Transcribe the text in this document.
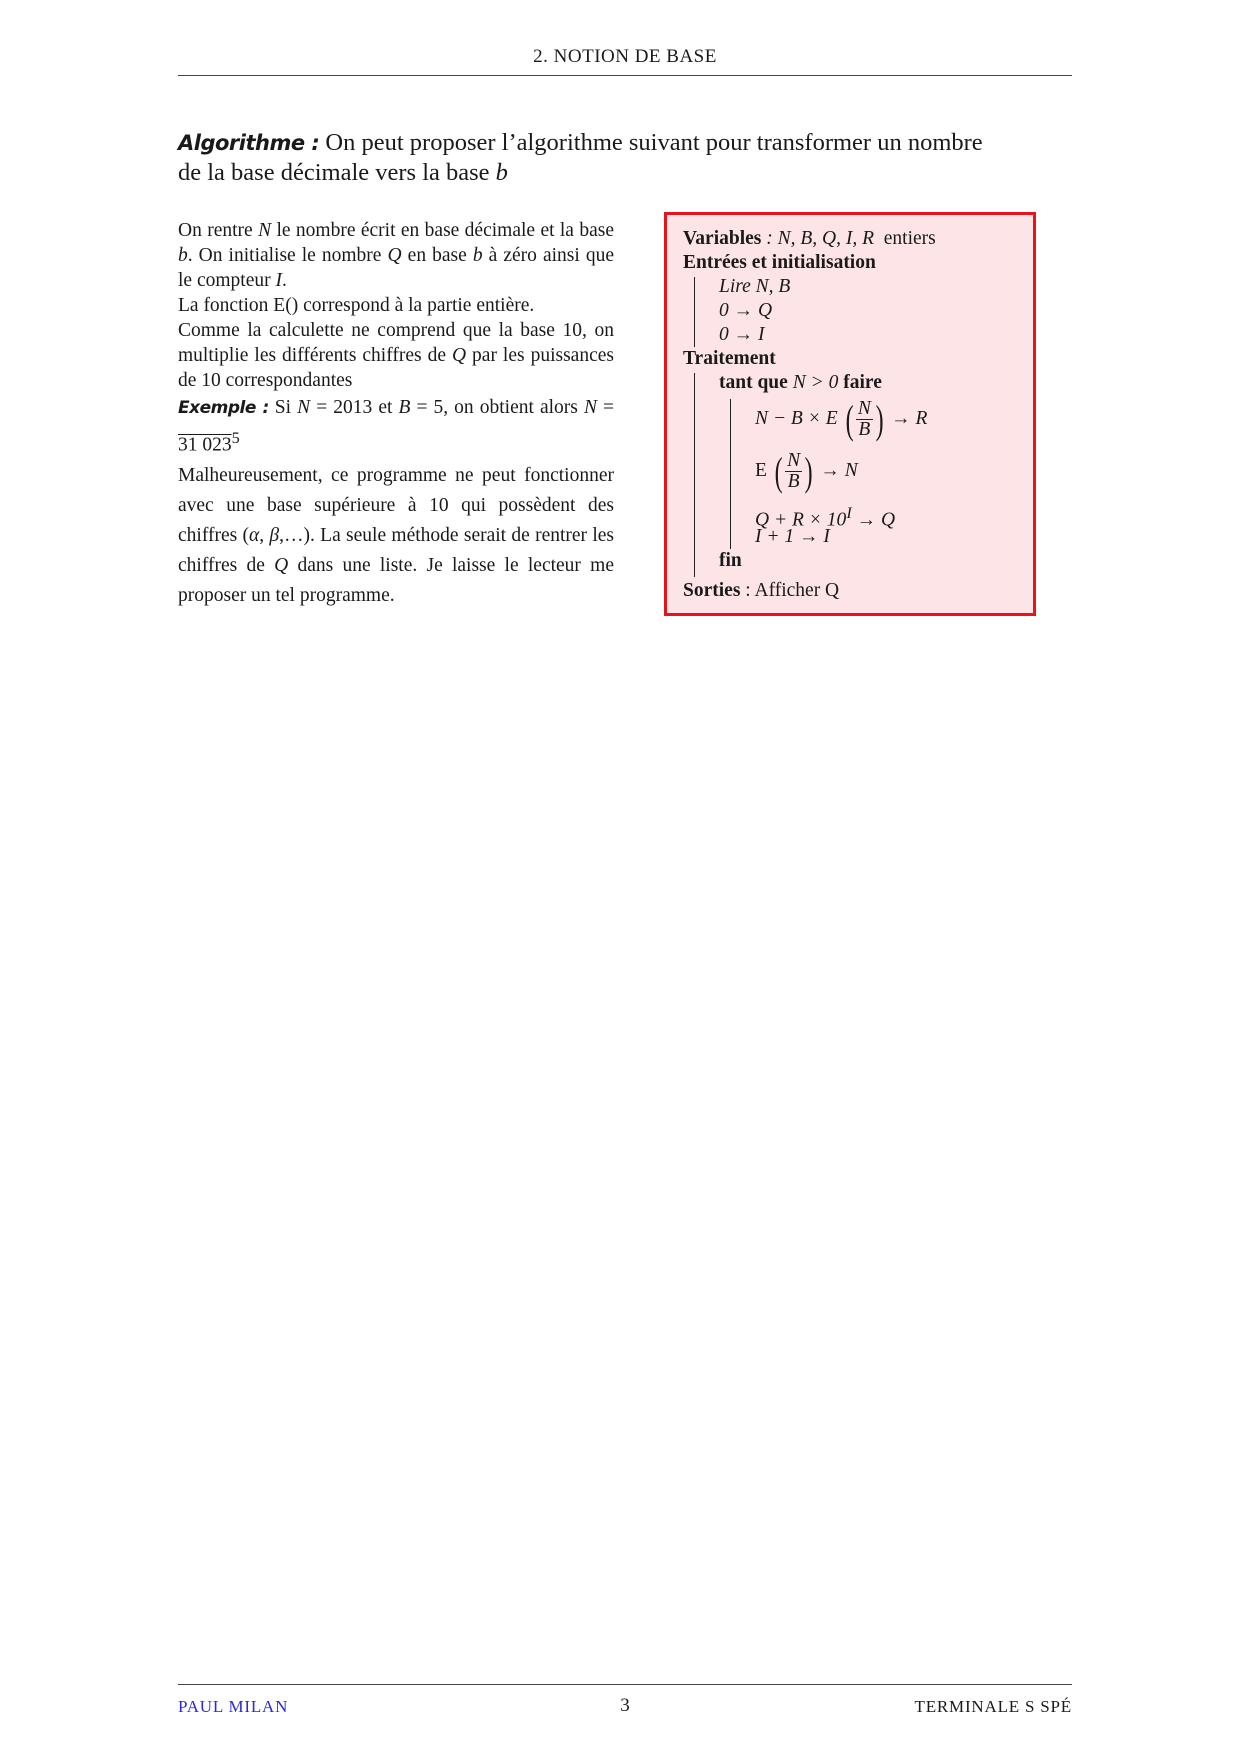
2. NOTION DE BASE
Algorithme : On peut proposer l’algorithme suivant pour transformer un nombre
de la base décimale vers la base b

On rentre N le nombre écrit en base décimale et la base b. On initialise le nombre Q en base b à zéro ainsi que le compteur I.

La fonction E() correspond à la partie entière.

Comme la calculette ne comprend que la base 10, on multiplie les différents chiffres de Q par les puissances de 10 correspondantes

Exemple : Si N = 2013 et B = 5, on obtient alors N = 31 $023^5$

Malheureusement, ce programme ne peut fonctionner avec une base supérieure à 10 qui possèdent des chiffres (α, β,…). La seule méthode serait de rentrer les chiffres de Q dans une liste. Je laisse le lecteur me proposer un tel programme.

Variables : N, B, Q, I, R entiers
Entrées et initialisation
Lire N, B
0 → Q
0 → I
Traitement
tant que N > 0 faire
N − B × E ( $\frac{N}{B}$ ) → R
E ( $\frac{N}{B}$ ) → N
$Q + R \times 10^I \to Q$
I + 1 → I
fin
Sorties : Afficher Q
PAUL MILAN	3	TERMINALE S SPÉ
